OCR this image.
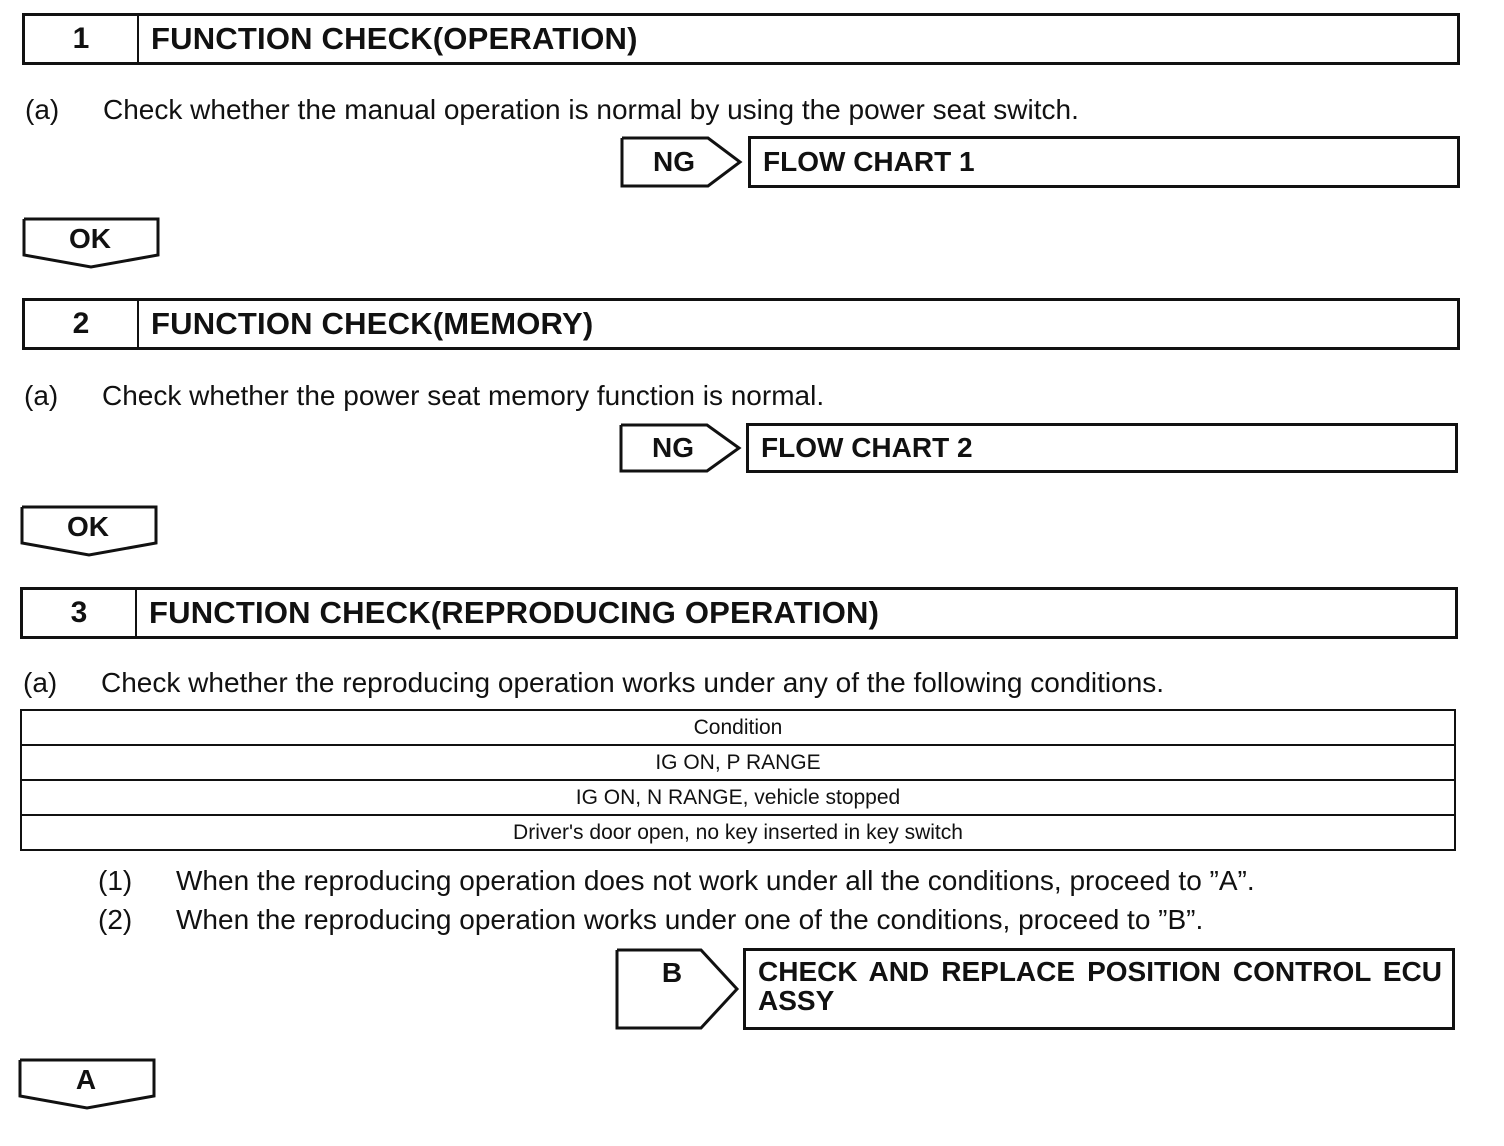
1	FUNCTION CHECK(OPERATION)
(a)	Check whether the manual operation is normal by using the power seat switch.
NG	FLOW CHART 1
OK
2	FUNCTION CHECK(MEMORY)
(a)	Check whether the power seat memory function is normal.
NG	FLOW CHART 2
OK
3	FUNCTION CHECK(REPRODUCING OPERATION)
(a)	Check whether the reproducing operation works under any of the following conditions.
Condition
IG ON, P RANGE
IG ON, N RANGE, vehicle stopped
Driver's door open, no key inserted in key switch
(1)	When the reproducing operation does not work under all the conditions, proceed to ”A”.
(2)	When the reproducing operation works under one of the conditions, proceed to ”B”.
B	CHECK AND REPLACE POSITION CONTROL ECU ASSY
A
